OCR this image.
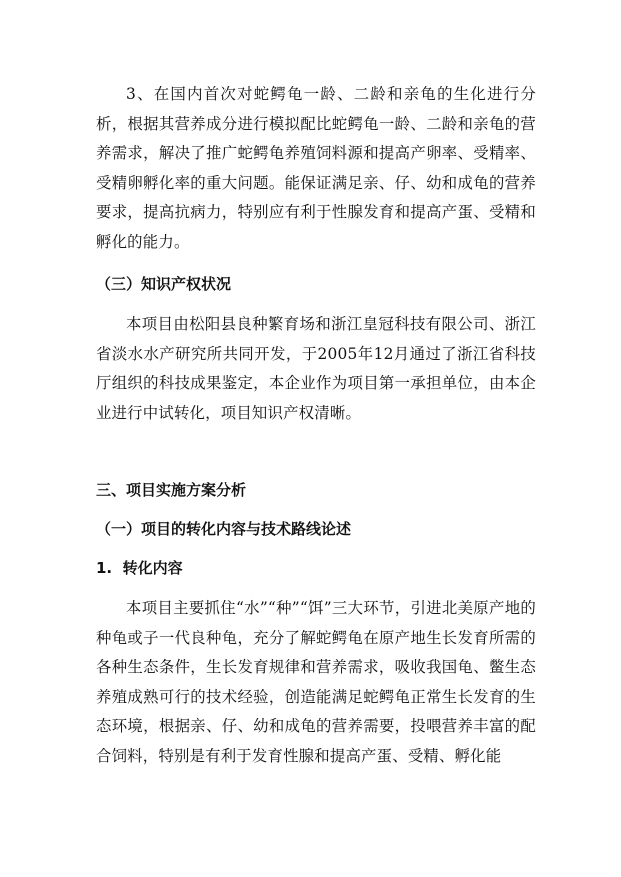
3、在国内首次对蛇鳄龟一龄、二龄和亲龟的生化进行分析，根据其营养成分进行模拟配比蛇鳄龟一龄、二龄和亲龟的营养需求，解决了推广蛇鳄龟养殖饲料源和提高产卵率、受精率、受精卵孵化率的重大问题。能保证满足亲、仔、幼和成龟的营养要求，提高抗病力，特别应有利于性腺发育和提高产蛋、受精和孵化的能力。

（三）知识产权状况

本项目由松阳县良种繁育场和浙江皇冠科技有限公司、浙江省淡水水产研究所共同开发，于2005年12月通过了浙江省科技厅组织的科技成果鉴定，本企业作为项目第一承担单位，由本企业进行中试转化，项目知识产权清晰。

三、项目实施方案分析
（一）项目的转化内容与技术路线论述
1.  转化内容

本项目主要抓住“水”“种”“饵”三大环节，引进北美原产地的种龟或子一代良种龟，充分了解蛇鳄龟在原产地生长发育所需的各种生态条件，生长发育规律和营养需求，吸收我国龟、鳖生态养殖成熟可行的技术经验，创造能满足蛇鳄龟正常生长发育的生态环境，根据亲、仔、幼和成龟的营养需要，投喂营养丰富的配合饲料，特别是有利于发育性腺和提高产蛋、受精、孵化能
